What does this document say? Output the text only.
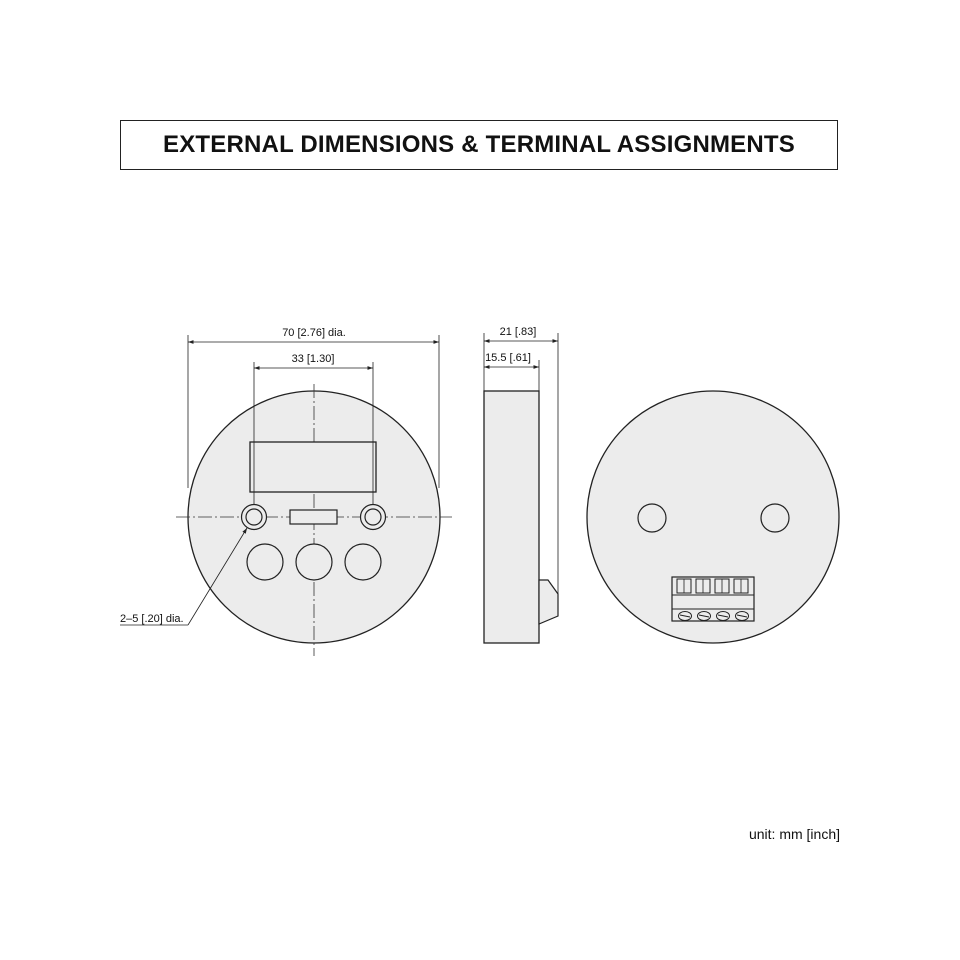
EXTERNAL DIMENSIONS & TERMINAL ASSIGNMENTS
70 [2.76] dia.
33 [1.30]
2–5 [.20] dia.
21 [.83]
15.5 [.61]
unit: mm [inch]
